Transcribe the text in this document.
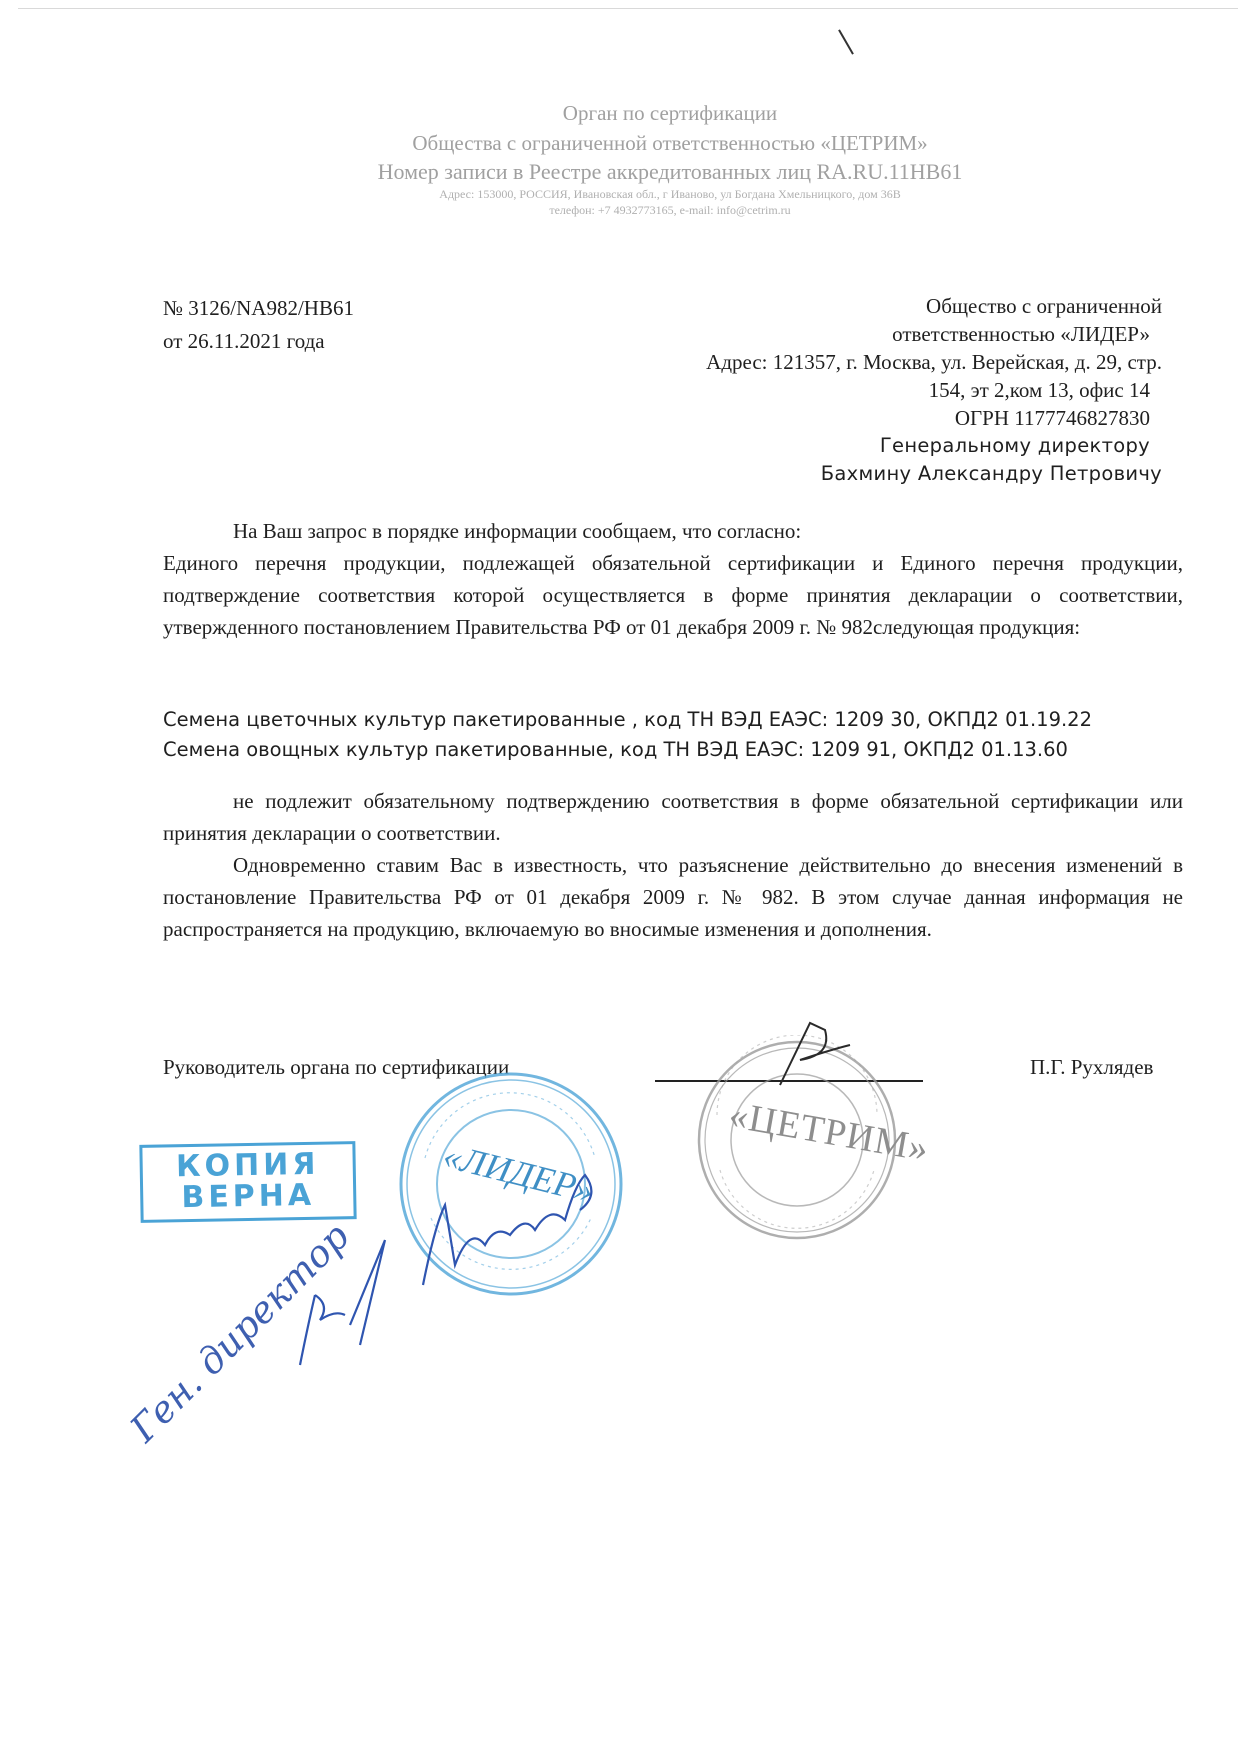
Орган по сертификации
Общества с ограниченной ответственностью «ЦЕТРИМ»
Номер записи в Реестре аккредитованных лиц RA.RU.11НВ61
Адрес: 153000, РОССИЯ, Ивановская обл., г Иваново, ул Богдана Хмельницкого, дом 36В
телефон: +7 4932773165, e-mail: info@cetrim.ru
№ 3126/NA982/НВ61
от 26.11.2021 года
Общество с ограниченной
ответственностью «ЛИДЕР»
Адрес: 121357, г. Москва, ул. Верейская, д. 29, стр.
154, эт 2,ком 13, офис 14
ОГРН 1177746827830
Генеральному директору
Бахмину Александру Петровичу
На Ваш запрос в порядке информации сообщаем, что согласно:

Единого перечня продукции, подлежащей обязательной сертификации и Единого перечня продукции, подтверждение соответствия которой осуществляется в форме принятия декларации о соответствии, утвержденного постановлением Правительства РФ от 01 декабря 2009 г. № 982следующая продукция:

Семена цветочных культур пакетированные , код ТН ВЭД ЕАЭС: 1209 30, ОКПД2 01.19.22
Семена овощных культур пакетированные, код ТН ВЭД ЕАЭС: 1209 91, ОКПД2 01.13.60

не подлежит обязательному подтверждению соответствия в форме обязательной сертификации или принятия декларации о соответствии.

Одновременно ставим Вас в известность, что разъяснение действительно до внесения изменений в постановление Правительства РФ от 01 декабря 2009 г. № 982. В этом случае данная информация не распространяется на продукцию, включаемую во вносимые изменения и дополнения.

Руководитель органа по сертификации	П.Г. Рухлядев
КОПИЯ
ВЕРНА	«ЛИДЕР»
«ЦЕТРИМ»
Ген. директор
